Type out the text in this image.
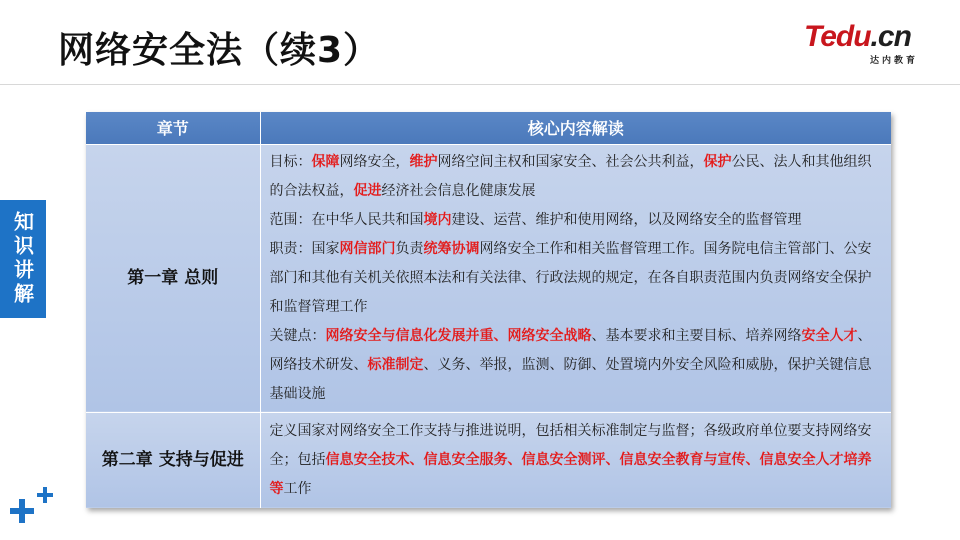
网络安全法（续3）	Tedu.cn
达内教育
知识讲解
章节	核心内容解读
第一章 总则	目标：保障网络安全，维护网络空间主权和国家安全、社会公共利益，保护公民、法人和其他组织的合法权益，促进经济社会信息化健康发展
范围：在中华人民共和国境内建设、运营、维护和使用网络，以及网络安全的监督管理
职责：国家网信部门负责统筹协调网络安全工作和相关监督管理工作。国务院电信主管部门、公安部门和其他有关机关依照本法和有关法律、行政法规的规定，在各自职责范围内负责网络安全保护和监督管理工作
关键点：网络安全与信息化发展并重、网络安全战略、基本要求和主要目标、培养网络安全人才、网络技术研发、标准制定、义务、举报，监测、防御、处置境内外安全风险和威胁，保护关键信息基础设施

第二章 支持与促进	定义国家对网络安全工作支持与推进说明，包括相关标准制定与监督；各级政府单位要支持网络安全；包括信息安全技术、信息安全服务、信息安全测评、信息安全教育与宣传、信息安全人才培养等工作
